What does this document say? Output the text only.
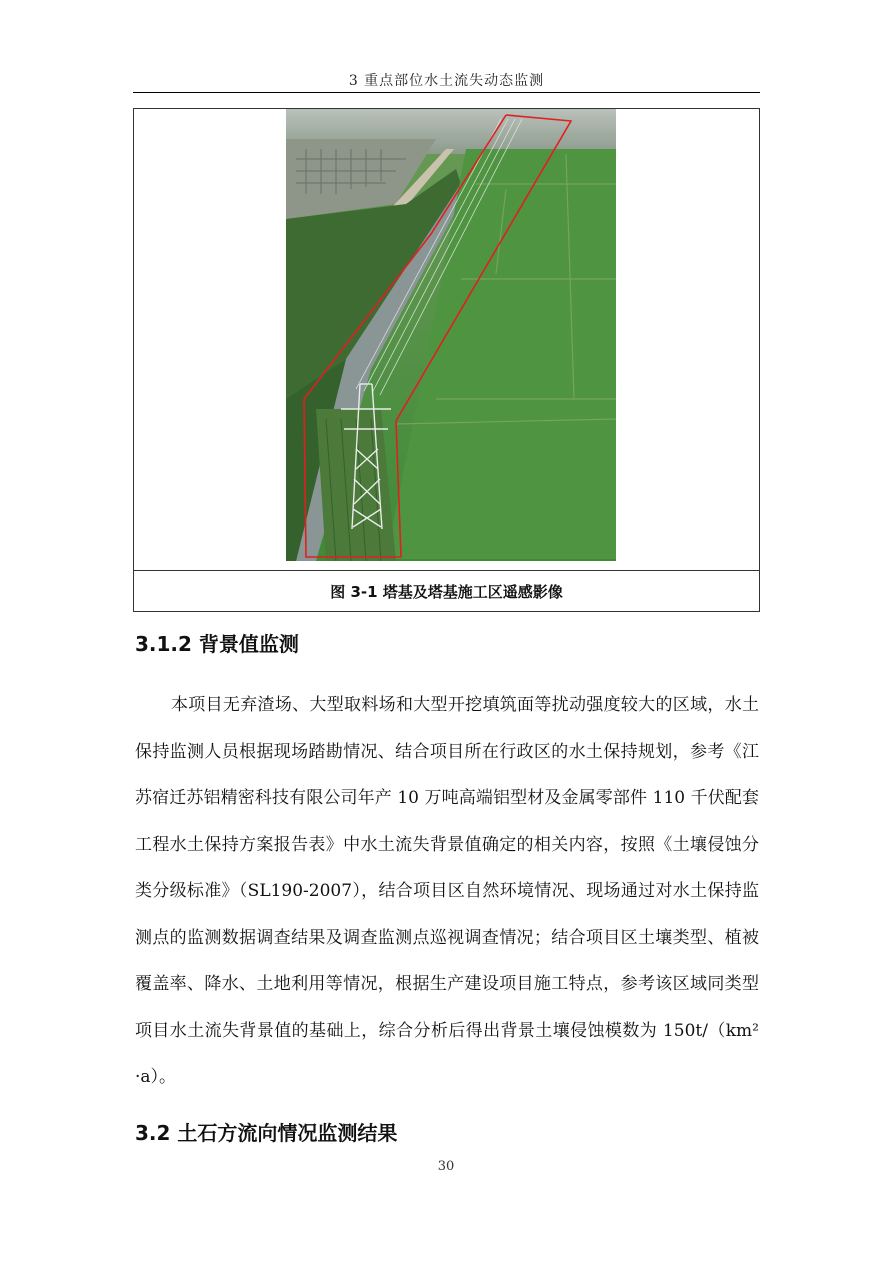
3 重点部位水土流失动态监测
图 3-1 塔基及塔基施工区遥感影像
3.1.2 背景值监测

本项目无弃渣场、大型取料场和大型开挖填筑面等扰动强度较大的区域，水土保持监测人员根据现场踏勘情况、结合项目所在行政区的水土保持规划，参考《江苏宿迁苏铝精密科技有限公司年产 10 万吨高端铝型材及金属零部件 110 千伏配套工程水土保持方案报告表》中水土流失背景值确定的相关内容，按照《土壤侵蚀分类分级标准》（SL190-2007），结合项目区自然环境情况、现场通过对水土保持监测点的监测数据调查结果及调查监测点巡视调查情况；结合项目区土壤类型、植被覆盖率、降水、土地利用等情况，根据生产建设项目施工特点，参考该区域同类型项目水土流失背景值的基础上，综合分析后得出背景土壤侵蚀模数为 150t/（km² ·a）。

3.2 土石方流向情况监测结果
30
